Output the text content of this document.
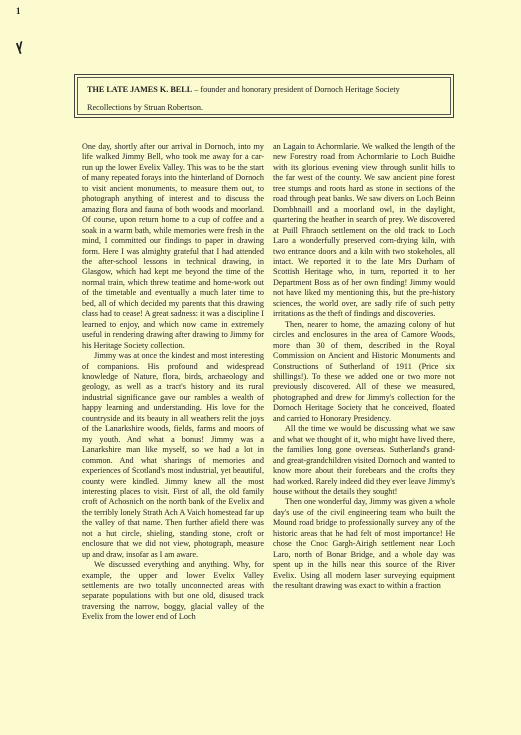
1
ꝩ
THE LATE JAMES K. BELL – founder and honorary president of Dornoch Heritage Society
Recollections by Struan Robertson.

One day, shortly after our arrival in Dornoch, into my life walked Jimmy Bell, who took me away for a car-run up the lower Evelix Valley. This was to be the start of many repeated forays into the hinterland of Dornoch to visit ancient monuments, to measure them out, to photograph anything of interest and to discuss the amazing flora and fauna of both woods and moorland. Of course, upon return home to a cup of coffee and a soak in a warm bath, while memories were fresh in the mind, I committed our findings to paper in drawing form. Here I was almighty grateful that I had attended the after-school lessons in technical drawing, in Glasgow, which had kept me beyond the time of the normal train, which threw teatime and home-work out of the timetable and eventually a much later time to bed, all of which decided my parents that this drawing class had to cease! A great sadness: it was a discipline I learned to enjoy, and which now came in extremely useful in rendering drawing after drawing to Jimmy for his Heritage Society collection.

Jimmy was at once the kindest and most interesting of companions. His profound and widespread knowledge of Nature, flora, birds, archaeology and geology, as well as a tract's history and its rural industrial significance gave our rambles a wealth of happy learning and understanding. His love for the countryside and its beauty in all weathers relit the joys of the Lanarkshire woods, fields, farms and moors of my youth. And what a bonus! Jimmy was a Lanarkshire man like myself, so we had a lot in common. And what sharings of memories and experiences of Scotland's most industrial, yet beautiful, county were kindled. Jimmy knew all the most interesting places to visit. First of all, the old family croft of Achosnich on the north bank of the Evelix and the terribly lonely Strath Ach A Vaich homestead far up the valley of that name. Then further afield there was not a hut circle, shieling, standing stone, croft or enclosure that we did not view, photograph, measure up and draw, insofar as I am aware.

We discussed everything and anything. Why, for example, the upper and lower Evelix Valley settlements are two totally unconnected areas with separate populations with but one old, disused track traversing the narrow, boggy, glacial valley of the Evelix from the lower end of Loch

an Lagain to Achormlarie. We walked the length of the new Forestry road from Achormlarie to Loch Buidhe with its glorious evening view through sunlit hills to the far west of the county. We saw ancient pine forest tree stumps and roots hard as stone in sections of the road through peat banks. We saw divers on Loch Beinn Dombhnaill and a moorland owl, in the daylight, quartering the heather in search of prey. We discovered at Puill Fhraoch settlement on the old track to Loch Laro a wonderfully preserved corn-drying kiln, with two entrance doors and a kiln with two stokeholes, all intact. We reported it to the late Mrs Durham of Scottish Heritage who, in turn, reported it to her Department Boss as of her own finding! Jimmy would not have liked my mentioning this, but the pre-history sciences, the world over, are sadly rife of such petty irritations as the theft of findings and discoveries.

Then, nearer to home, the amazing colony of hut circles and enclosures in the area of Camore Woods, more than 30 of them, described in the Royal Commission on Ancient and Historic Monuments and Constructions of Sutherland of 1911 (Price six shillings!). To these we added one or two more not previously discovered. All of these we measured, photographed and drew for Jimmy's collection for the Dornoch Heritage Society that he conceived, floated and carried to Honorary Presidency.

All the time we would be discussing what we saw and what we thought of it, who might have lived there, the families long gone overseas. Sutherland's grand- and great-grandchildren visited Dornoch and wanted to know more about their forebears and the crofts they had worked. Rarely indeed did they ever leave Jimmy's house without the details they sought!

Then one wonderful day, Jimmy was given a whole day's use of the civil engineering team who built the Mound road bridge to professionally survey any of the historic areas that he had felt of most importance! He chose the Cnoc Gargh-Airigh settlement near Loch Laro, north of Bonar Bridge, and a whole day was spent up in the hills near this source of the River Evelix. Using all modern laser surveying equipment the resultant drawing was exact to within a fraction
